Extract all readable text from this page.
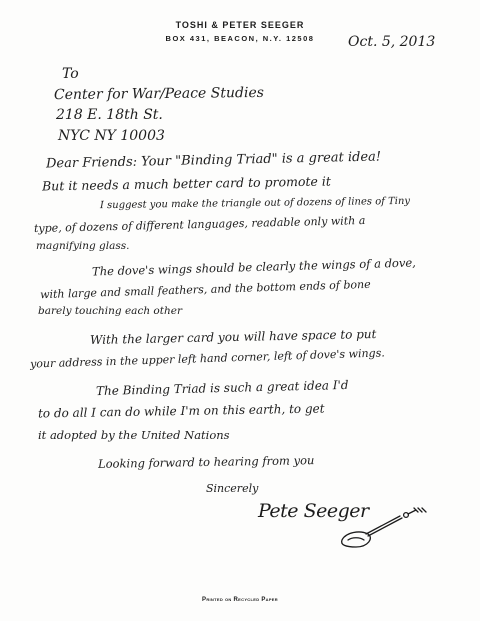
TOSHI & PETER SEEGER
BOX 431, BEACON, N.Y. 12508	Oct. 5, 2013
To
Center for War/Peace Studies
218 E. 18th St.
NYC NY 10003
Dear Friends: Your "Binding Triad" is a great idea!
But it needs a much better card to promote it
I suggest you make the triangle out of dozens of lines of Tiny
type, of dozens of different languages, readable only with a
magnifying glass.
The dove's wings should be clearly the wings of a dove,
with large and small feathers, and the bottom ends of bone
barely touching each other
With the larger card you will have space to put
your address in the upper left hand corner, left of dove's wings.
The Binding Triad is such a great idea I'd
to do all I can do while I'm on this earth, to get
it adopted by the United Nations
Looking forward to hearing from you
Sincerely
Pete Seeger
Printed on Recycled Paper
